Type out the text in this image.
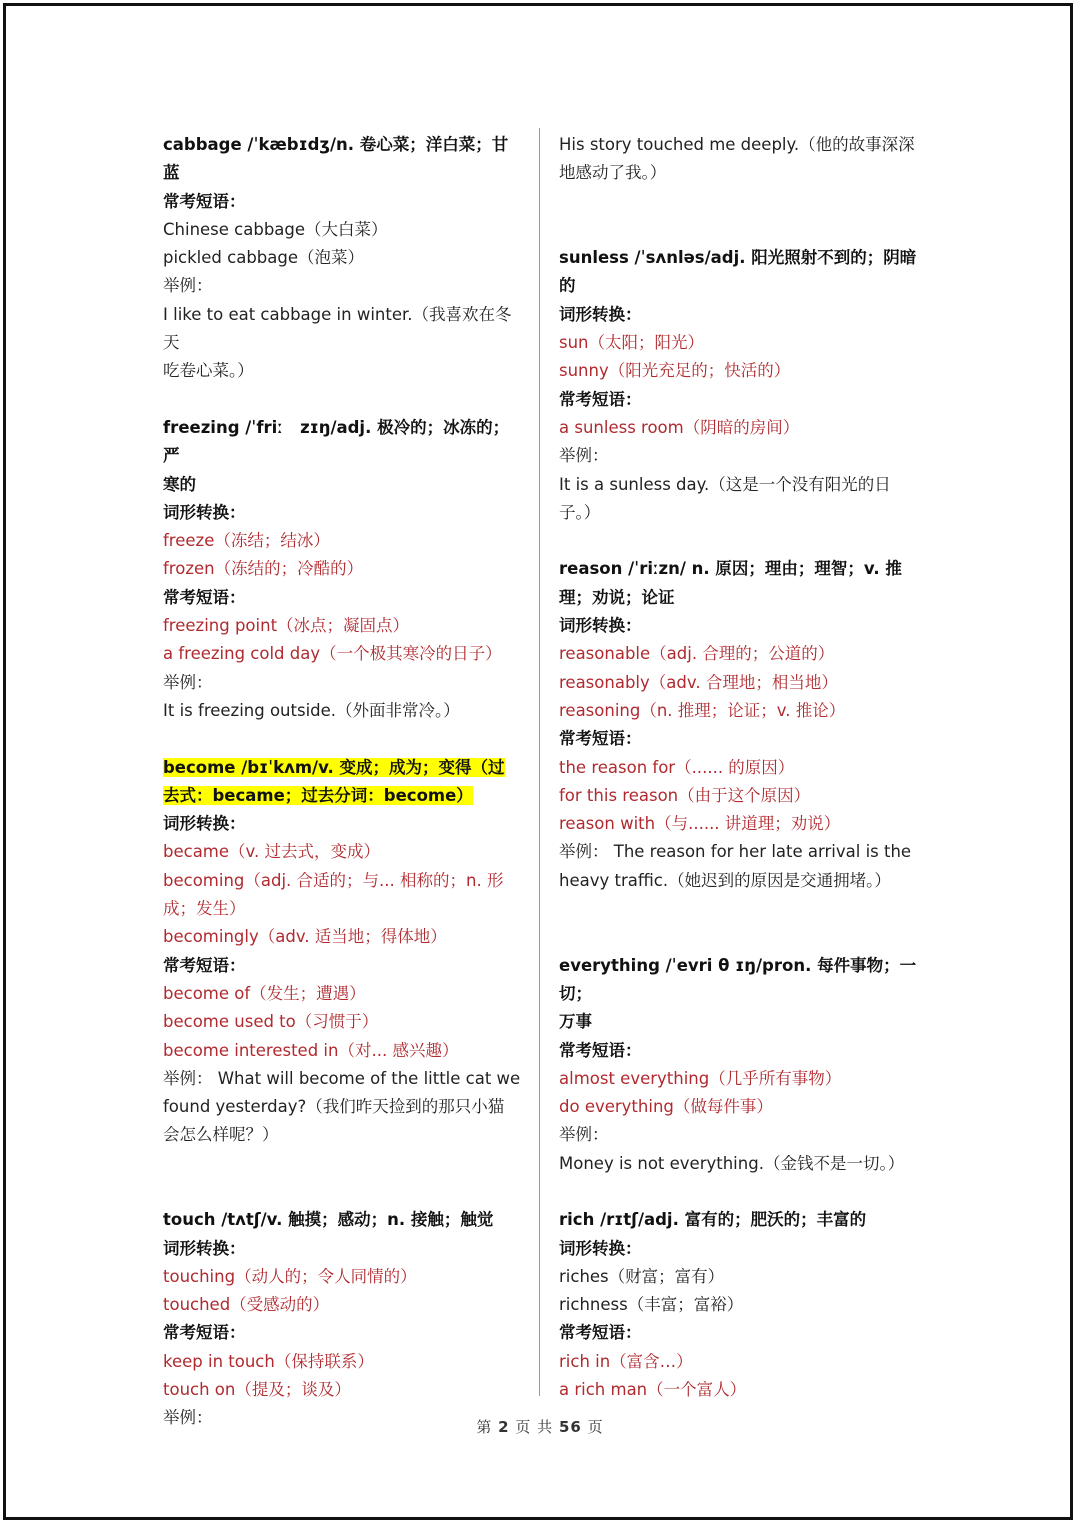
cabbage /ˈkæbɪdʒ/n. 卷心菜；洋白菜；甘
蓝
常考短语：
Chinese cabbage（大白菜）
pickled cabbage（泡菜）
举例：
I like to eat cabbage in winter.（我喜欢在冬天
吃卷心菜。）
freezing /ˈfriː   zɪŋ/adj. 极冷的；冰冻的；严
寒的
词形转换：
freeze（冻结；结冰）
frozen（冻结的；冷酷的）
常考短语：
freezing point（冰点；凝固点）
a freezing cold day（一个极其寒冷的日子）
举例：
It is freezing outside.（外面非常冷。）
become /bɪˈkʌm/v. 变成；成为；变得（过
去式：became；过去分词：become）
词形转换：
became（v. 过去式，变成）
becoming（adj. 合适的；与... 相称的；n. 形
成；发生）
becomingly（adv. 适当地；得体地）
常考短语：
become of（发生；遭遇）
become used to（习惯于）
become interested in（对... 感兴趣）
举例： What will become of the little cat we
found yesterday?（我们昨天捡到的那只小猫
会怎么样呢？）
touch /tʌtʃ/v. 触摸；感动；n. 接触；触觉
词形转换：
touching（动人的；令人同情的）
touched（受感动的）
常考短语：
keep in touch（保持联系）
touch on（提及；谈及）
举例：
His story touched me deeply.（他的故事深深
地感动了我。）
sunless /ˈsʌnləs/adj. 阳光照射不到的；阴暗
的
词形转换：
sun（太阳；阳光）
sunny（阳光充足的；快活的）
常考短语：
a sunless room（阴暗的房间）
举例：
It is a sunless day.（这是一个没有阳光的日
子。）
reason /ˈriːzn/ n. 原因；理由；理智；v. 推
理；劝说；论证
词形转换：
reasonable（adj. 合理的；公道的）
reasonably（adv. 合理地；相当地）
reasoning（n. 推理；论证；v. 推论）
常考短语：
the reason for（...... 的原因）
for this reason（由于这个原因）
reason with（与...... 讲道理；劝说）
举例： The reason for her late arrival is the
heavy traffic.（她迟到的原因是交通拥堵。）
everything /ˈevri θ ɪŋ/pron. 每件事物；一切；
万事
常考短语：
almost everything（几乎所有事物）
do everything（做每件事）
举例：
Money is not everything.（金钱不是一切。）
rich /rɪtʃ/adj. 富有的；肥沃的；丰富的
词形转换：
riches（财富；富有）
richness（丰富；富裕）
常考短语：
rich in（富含…）
a rich man（一个富人）
第 2 页 共 56 页
